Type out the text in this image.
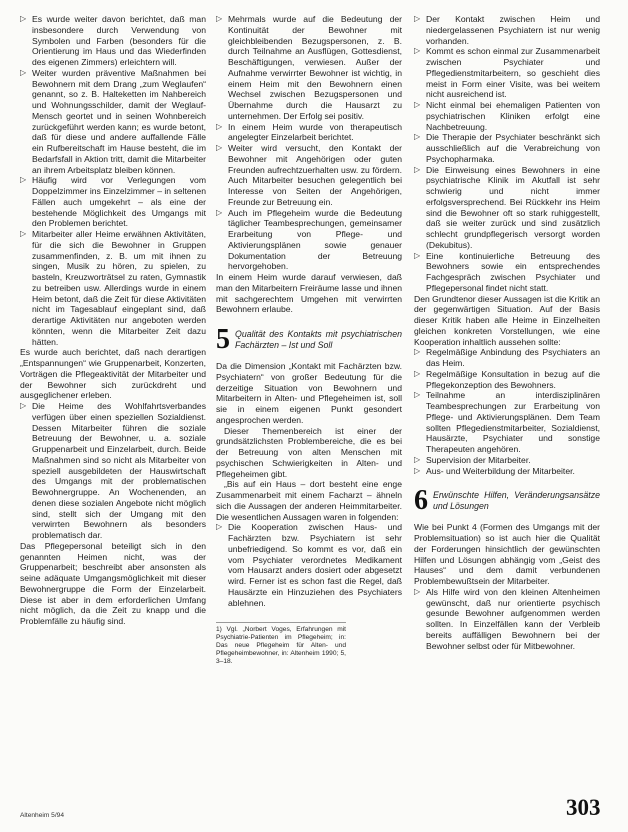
▷ Es wurde weiter davon berichtet, daß man insbesondere durch Verwendung von Symbolen und Farben (besonders für die Orientierung im Haus und das Wiederfinden des eigenen Zimmers) erleichtern will.

▷ Weiter wurden präventive Maßnahmen bei Bewohnern mit dem Drang „zum Weglaufen“ genannt, so z. B. Halteketten im Nahbereich und Wohnungsschilder, damit der Weglauf-Mensch geortet und in seinen Wohnbereich zurückgeführt werden kann; es wurde betont, daß für diese und andere auffallende Fälle ein Rufbereitschaft im Hause besteht, die im Bedarfsfall in Aktion tritt, damit die Mitarbeiter an ihrem Arbeitsplatz bleiben können.

▷ Häufig wird vor Verlegungen vom Doppelzimmer ins Einzelzimmer – in seltenen Fällen auch umgekehrt – als eine der bestehende Möglichkeit des Umgangs mit den Problemen berichtet.

▷ Mitarbeiter aller Heime erwähnen Aktivitäten, für die sich die Bewohner in Gruppen zusammenfinden, z. B. um mit ihnen zu singen, Musik zu hören, zu spielen, zu basteln, Kreuzworträtsel zu raten, Gymnastik zu betreiben usw. Allerdings wurde in einem Heim betont, daß die Zeit für diese Aktivitäten nicht im Tagesablauf eingeplant sind, daß derartige Aktivitäten nur angeboten werden könnten, wenn die Mitarbeiter Zeit dazu hätten.

Es wurde auch berichtet, daß nach derartigen „Entspannungen“ wie Gruppenarbeit, Konzerten, Vorträgen die Pflegeaktivität der Mitarbeiter und der Bewohner sich zurückdreht und ausgeglichener erleben.

▷ Die Heime des Wohlfahrtsverbandes verfügen über einen speziellen Sozialdienst. Dessen Mitarbeiter führen die soziale Betreuung der Bewohner, u. a. soziale Gruppenarbeit und Einzelarbeit, durch. Beide Maßnahmen sind so nicht als Mitarbeiter von speziell ausgebildeten der Hauswirtschaft des Umgangs mit der problematischen Bewohnergruppe. An Wochenenden, an denen diese sozialen Angebote nicht möglich sind, stellt sich der Umgang mit den verwirrten Bewohnern als besonders problematisch dar.

Das Pflegepersonal beteiligt sich in den genannten Heimen nicht, was der Gruppenarbeit; beschreibt aber ansonsten als seine adäquate Umgangsmöglichkeit mit dieser Bewohnergruppe die Form der Einzelarbeit. Diese ist aber in dem erforderlichen Umfang nicht möglich, da die Zeit zu knapp und die Problemfälle zu häufig sind.

▷ Mehrmals wurde auf die Bedeutung der Kontinuität der Bewohner mit gleichbleibenden Bezugspersonen, z. B. durch Teilnahme an Ausflügen, Gottesdienst, Beschäftigungen, verwiesen. Außer der Aufnahme verwirrter Bewohner ist wichtig, in einem Heim mit den Bewohnern einen Wechsel zwischen Bezugspersonen und Übernahme durch die Hausarzt zu unternehmen. Der Erfolg sei positiv.

▷ In einem Heim wurde von therapeutisch angelegter Einzelarbeit berichtet.

▷ Weiter wird versucht, den Kontakt der Bewohner mit Angehörigen oder guten Freunden aufrechtzuerhalten usw. zu fördern. Auch Mitarbeiter besuchen gelegentlich bei Interesse von Seiten der Angehörigen, Freunde zur Betreuung ein.

▷ Auch im Pflegeheim wurde die Bedeutung täglicher Teambesprechungen, gemeinsamer Erarbeitung von Pflege- und Aktivierungsplänen sowie genauer Dokumentation der Betreuung hervorgehoben.

In einem Heim wurde darauf verwiesen, daß man den Mitarbeitern Freiräume lasse und ihnen mit sachgerechtem Umgehen mit verwirrten Bewohnern erlaube.

5 Qualität des Kontakts mit psychiatrischen Fachärzten – Ist und Soll

Da die Dimension „Kontakt mit Fachärzten bzw. Psychiatern“ von großer Bedeutung für die derzeitige Situation von Bewohnern und Mitarbeitern in Alten- und Pflegeheimen ist, soll sie in einem eigenen Punkt gesondert angesprochen werden.

Dieser Themenbereich ist einer der grundsätzlichsten Problembereiche, die es bei der Betreuung von alten Menschen mit psychischen Schwierigkeiten in Alten- und Pflegeheimen gibt.

„Bis auf ein Haus – dort besteht eine enge Zusammenarbeit mit einem Facharzt – ähneln sich die Aussagen der anderen Heimmitarbeiter. Die wesentlichen Aussagen waren in folgenden:

▷ Die Kooperation zwischen Haus- und Fachärzten bzw. Psychiatern ist sehr unbefriedigend. So kommt es vor, daß ein vom Psychiater verordnetes Medikament vom Hausarzt anders dosiert oder abgesetzt wird. Ferner ist es schon fast die Regel, daß Hausärzte ein Hinzuziehen des Psychiaters ablehnen.

1) Vgl. „Norbert Voges, Erfahrungen mit Psychiatrie-Patienten im Pflegeheim; in: Das neue Pflegeheim für Alten- und Pflegeheimbewohner, in: Altenheim 1990; 5, 3–18.

▷ Der Kontakt zwischen Heim und niedergelassenen Psychiatern ist nur wenig vorhanden.

▷ Kommt es schon einmal zur Zusammenarbeit zwischen Psychiater und Pflegedienstmitarbeitern, so geschieht dies meist in Form einer Visite, was bei weitem nicht ausreichend ist.

▷ Nicht einmal bei ehemaligen Patienten von psychiatrischen Kliniken erfolgt eine Nachbetreuung.

▷ Die Therapie der Psychiater beschränkt sich ausschließlich auf die Verabreichung von Psychopharmaka.

▷ Die Einweisung eines Bewohners in eine psychiatrische Klinik im Akutfall ist sehr schwierig und nicht immer erfolgsversprechend. Bei Rückkehr ins Heim sind die Bewohner oft so stark ruhiggestellt, daß sie weiter zurück und sind zusätzlich schlecht grundpflegerisch versorgt worden (Dekubitus).

▷ Eine kontinuierliche Betreuung des Bewohners sowie ein entsprechendes Fachgespräch zwischen Psychiater und Pflegepersonal findet nicht statt.

Den Grundtenor dieser Aussagen ist die Kritik an der gegenwärtigen Situation. Auf der Basis dieser Kritik haben alle Heime in Einzelheiten gleichen konkreten Vorstellungen, wie eine Kooperation inhaltlich aussehen sollte:

▷ Regelmäßige Anbindung des Psychiaters an das Heim.

▷ Regelmäßige Konsultation in bezug auf die Pflegekonzeption des Bewohners.

▷ Teilnahme an interdisziplinären Teambesprechungen zur Erarbeitung von Pflege- und Aktivierungsplänen. Dem Team sollten Pflegedienstmitarbeiter, Sozialdienst, Hausärzte, Psychiater und sonstige Therapeuten angehören.

▷ Supervision der Mitarbeiter.

▷ Aus- und Weiterbildung der Mitarbeiter.

6 Erwünschte Hilfen, Veränderungsansätze und Lösungen

Wie bei Punkt 4 (Formen des Umgangs mit der Problemsituation) so ist auch hier die Qualität der Forderungen hinsichtlich der gewünschten Hilfen und Lösungen abhängig vom „Geist des Hauses“ und dem damit verbundenen Problembewußtsein der Mitarbeiter.

▷ Als Hilfe wird von den kleinen Altenheimen gewünscht, daß nur orientierte psychisch gesunde Bewohner aufgenommen werden sollten. In Einzelfällen kann der Verbleib bereits auffälligen Bewohnern bei der Bewohner selbst oder für Mitbewohner.

Altenheim 5/94	303
